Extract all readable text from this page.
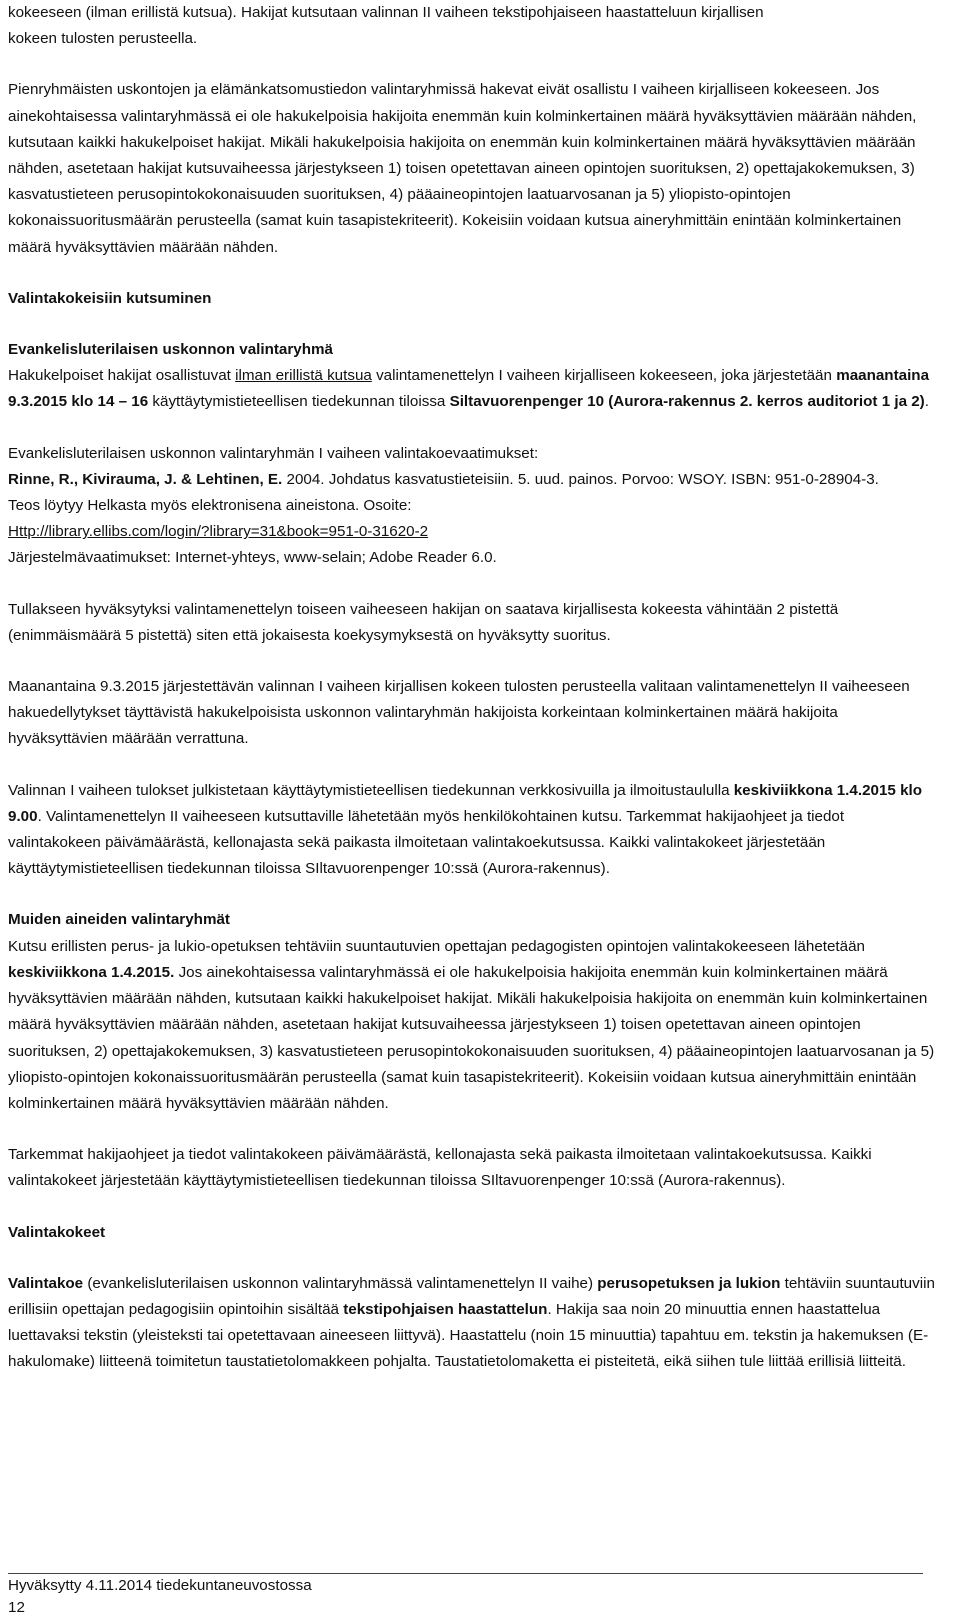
kokeeseen (ilman erillistä kutsua). Hakijat kutsutaan valinnan II vaiheen tekstipohjaiseen haastatteluun kirjallisen
kokeen tulosten perusteella.

Pienryhmäisten uskontojen ja elämänkatsomustiedon valintaryhmissä hakevat eivät osallistu I vaiheen kirjalliseen kokeeseen. Jos ainekohtaisessa valintaryhmässä ei ole hakukelpoisia hakijoita enemmän kuin kolminkertainen määrä hyväksyttävien määrään nähden, kutsutaan kaikki hakukelpoiset hakijat. Mikäli hakukelpoisia hakijoita on enemmän kuin kolminkertainen määrä hyväksyttävien määrään nähden, asetetaan hakijat kutsuvaiheessa järjestykseen 1) toisen opetettavan aineen opintojen suorituksen, 2) opettajakokemuksen, 3) kasvatustieteen perusopintokokonaisuuden suorituksen, 4) pääaineopintojen laatuarvosanan ja 5) yliopisto-opintojen kokonaissuoritusmäärän perusteella (samat kuin tasapistekriteerit). Kokeisiin voidaan kutsua aineryhmittäin enintään kolminkertainen määrä hyväksyttävien määrään nähden.

Valintakokeisiin kutsuminen

Evankelisluterilaisen uskonnon valintaryhmä
Hakukelpoiset hakijat osallistuvat ilman erillistä kutsua valintamenettelyn I vaiheen kirjalliseen kokeeseen, joka järjestetään maanantaina 9.3.2015 klo 14 – 16 käyttäytymistieteellisen tiedekunnan tiloissa Siltavuorenpenger 10 (Aurora-rakennus 2. kerros auditoriot 1 ja 2).

Evankelisluterilaisen uskonnon valintaryhmän I vaiheen valintakoevaatimukset:
Rinne, R., Kivirauma, J. & Lehtinen, E. 2004. Johdatus kasvatustieteisiin. 5. uud. painos. Porvoo: WSOY. ISBN: 951-0-28904-3.
Teos löytyy Helkasta myös elektronisena aineistona. Osoite:
Http://library.ellibs.com/login/?library=31&book=951-0-31620-2
Järjestelmävaatimukset: Internet-yhteys, www-selain; Adobe Reader 6.0.

Tullakseen hyväksytyksi valintamenettelyn toiseen vaiheeseen hakijan on saatava kirjallisesta kokeesta vähintään 2 pistettä (enimmäismäärä 5 pistettä) siten että jokaisesta koekysymyksestä on hyväksytty suoritus.

Maanantaina 9.3.2015 järjestettävän valinnan I vaiheen kirjallisen kokeen tulosten perusteella valitaan valintamenettelyn II vaiheeseen hakuedellytykset täyttävistä hakukelpoisista uskonnon valintaryhmän hakijoista korkeintaan kolminkertainen määrä hakijoita hyväksyttävien määrään verrattuna.

Valinnan I vaiheen tulokset julkistetaan käyttäytymistieteellisen tiedekunnan verkkosivuilla ja ilmoitustaululla keskiviikkona 1.4.2015 klo 9.00. Valintamenettelyn II vaiheeseen kutsuttaville lähetetään myös henkilökohtainen kutsu. Tarkemmat hakijaohjeet ja tiedot valintakokeen päivämäärästä, kellonajasta sekä paikasta ilmoitetaan valintakoekutsussa. Kaikki valintakokeet järjestetään käyttäytymistieteellisen tiedekunnan tiloissa SIltavuorenpenger 10:ssä (Aurora-rakennus).

Muiden aineiden valintaryhmät
Kutsu erillisten perus- ja lukio-opetuksen tehtäviin suuntautuvien opettajan pedagogisten opintojen valintakokeeseen lähetetään keskiviikkona 1.4.2015. Jos ainekohtaisessa valintaryhmässä ei ole hakukelpoisia hakijoita enemmän kuin kolminkertainen määrä hyväksyttävien määrään nähden, kutsutaan kaikki hakukelpoiset hakijat. Mikäli hakukelpoisia hakijoita on enemmän kuin kolminkertainen määrä hyväksyttävien määrään nähden, asetetaan hakijat kutsuvaiheessa järjestykseen 1) toisen opetettavan aineen opintojen suorituksen, 2) opettajakokemuksen, 3) kasvatustieteen perusopintokokonaisuuden suorituksen, 4) pääaineopintojen laatuarvosanan ja 5) yliopisto-opintojen kokonaissuoritusmäärän perusteella (samat kuin tasapistekriteerit). Kokeisiin voidaan kutsua aineryhmittäin enintään kolminkertainen määrä hyväksyttävien määrään nähden.

Tarkemmat hakijaohjeet ja tiedot valintakokeen päivämäärästä, kellonajasta sekä paikasta ilmoitetaan valintakoekutsussa. Kaikki valintakokeet järjestetään käyttäytymistieteellisen tiedekunnan tiloissa SIltavuorenpenger 10:ssä (Aurora-rakennus).

Valintakokeet

Valintakoe (evankelisluterilaisen uskonnon valintaryhmässä valintamenettelyn II vaihe) perusopetuksen ja lukion tehtäviin suuntautuviin erillisiin opettajan pedagogisiin opintoihin sisältää tekstipohjaisen haastattelun. Hakija saa noin 20 minuuttia ennen haastattelua luettavaksi tekstin (yleisteksti tai opetettavaan aineeseen liittyvä). Haastattelu (noin 15 minuuttia) tapahtuu em. tekstin ja hakemuksen (E-hakulomake) liitteenä toimitetun taustatietolomakkeen pohjalta. Taustatietolomaketta ei pisteitetä, eikä siihen tule liittää erillisiä liitteitä.

Hyväksytty 4.11.2014 tiedekuntaneuvostossa
12
